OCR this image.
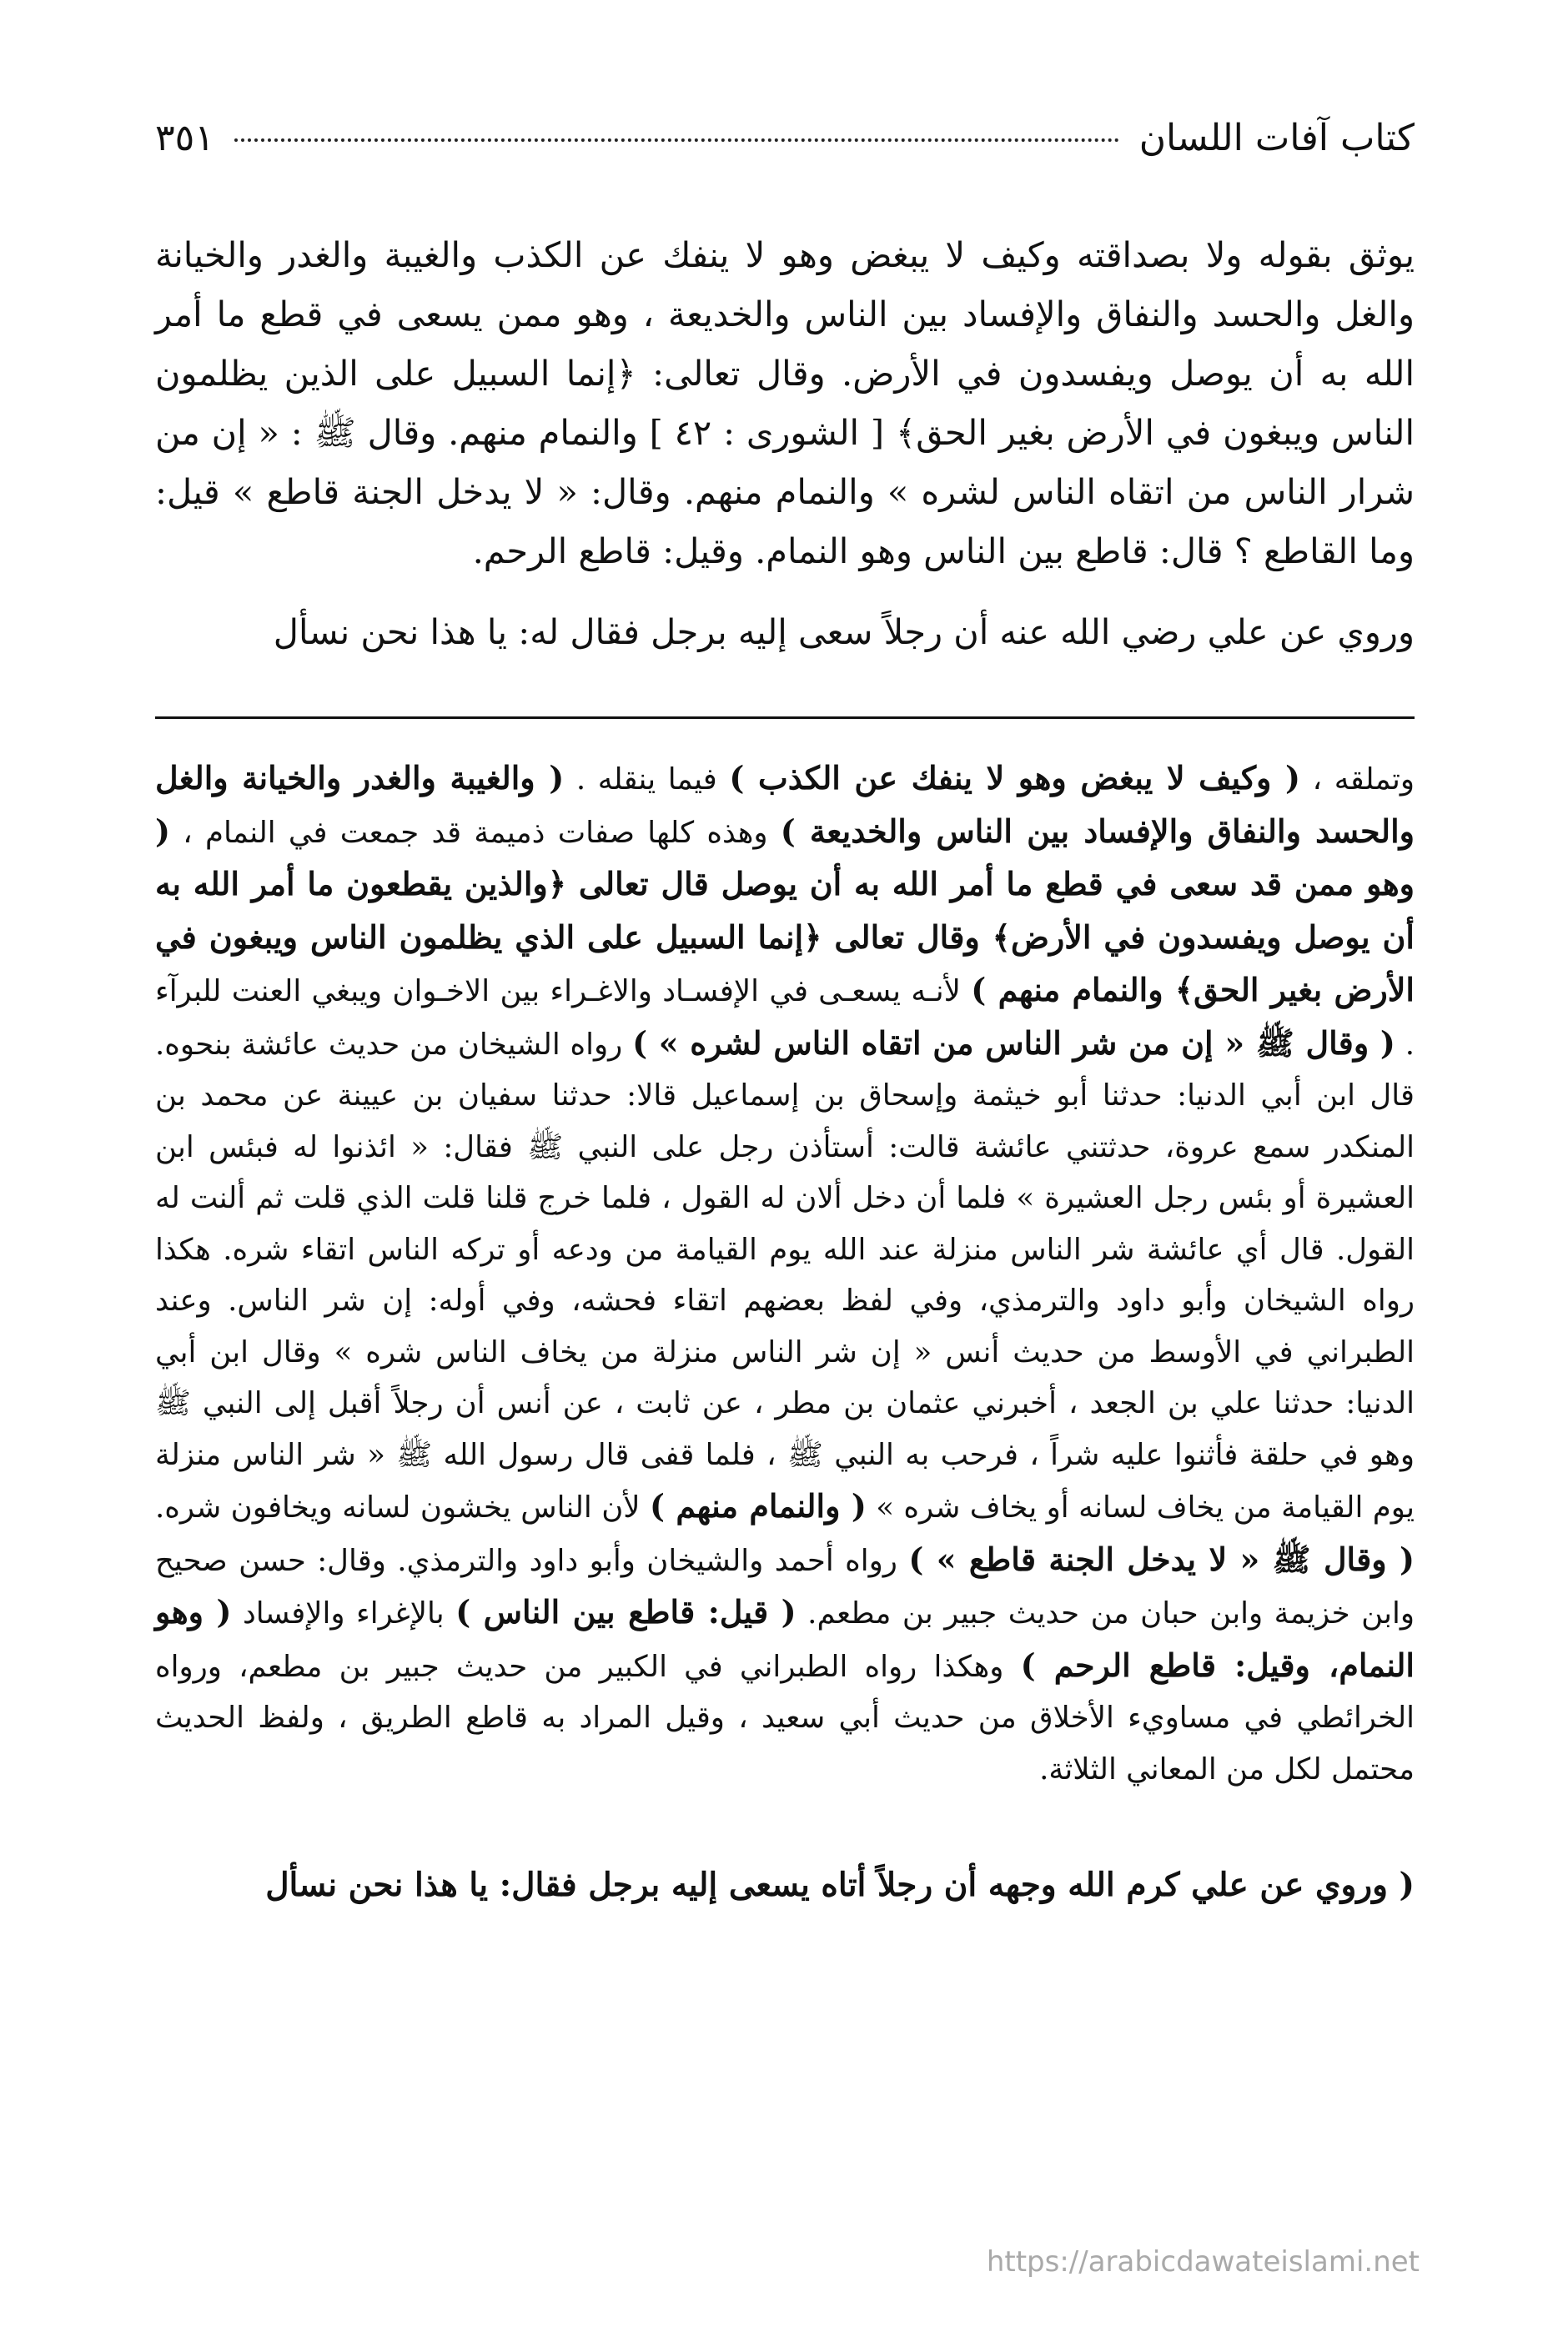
كتاب آفات اللسان
٣٥١

يوثق بقوله ولا بصداقته وكيف لا يبغض وهو لا ينفك عن الكذب والغيبة والغدر والخيانة والغل والحسد والنفاق والإفساد بين الناس والخديعة ، وهو ممن يسعى في قطع ما أمر الله به أن يوصل ويفسدون في الأرض. وقال تعالى: ﴿إنما السبيل على الذين يظلمون الناس ويبغون في الأرض بغير الحق﴾ [ الشورى : ٤٢ ] والنمام منهم. وقال ﷺ : « إن من شرار الناس من اتقاه الناس لشره » والنمام منهم. وقال: « لا يدخل الجنة قاطع » قيل: وما القاطع ؟ قال: قاطع بين الناس وهو النمام. وقيل: قاطع الرحم.

وروي عن علي رضي الله عنه أن رجلاً سعى إليه برجل فقال له: يا هذا نحن نسأل

وتملقه ، ( وكيف لا يبغض وهو لا ينفك عن الكذب ) فيما ينقله . ( والغيبة والغدر والخيانة والغل والحسد والنفاق والإفساد بين الناس والخديعة ) وهذه كلها صفات ذميمة قد جمعت في النمام ، ( وهو ممن قد سعى في قطع ما أمر الله به أن يوصل قال تعالى ﴿والذين يقطعون ما أمر الله به أن يوصل ويفسدون في الأرض﴾ وقال تعالى ﴿إنما السبيل على الذي يظلمون الناس ويبغون في الأرض بغير الحق﴾ والنمام منهم ) لأنـه يسعـى في الإفسـاد والاغـراء بين الاخـوان ويبغي العنت للبرآء . ( وقال ﷺ « إن من شر الناس من اتقاه الناس لشره » ) رواه الشيخان من حديث عائشة بنحوه. قال ابن أبي الدنيا: حدثنا أبو خيثمة وإسحاق بن إسماعيل قالا: حدثنا سفيان بن عيينة عن محمد بن المنكدر سمع عروة، حدثتني عائشة قالت: أستأذن رجل على النبي ﷺ فقال: « ائذنوا له فبئس ابن العشيرة أو بئس رجل العشيرة » فلما أن دخل ألان له القول ، فلما خرج قلنا قلت الذي قلت ثم ألنت له القول. قال أي عائشة شر الناس منزلة عند الله يوم القيامة من ودعه أو تركه الناس اتقاء شره. هكذا رواه الشيخان وأبو داود والترمذي، وفي لفظ بعضهم اتقاء فحشه، وفي أوله: إن شر الناس. وعند الطبراني في الأوسط من حديث أنس « إن شر الناس منزلة من يخاف الناس شره » وقال ابن أبي الدنيا: حدثنا علي بن الجعد ، أخبرني عثمان بن مطر ، عن ثابت ، عن أنس أن رجلاً أقبل إلى النبي ﷺ وهو في حلقة فأثنوا عليه شراً ، فرحب به النبي ﷺ ، فلما قفى قال رسول الله ﷺ « شر الناس منزلة يوم القيامة من يخاف لسانه أو يخاف شره » ( والنمام منهم ) لأن الناس يخشون لسانه ويخافون شره. ( وقال ﷺ « لا يدخل الجنة قاطع » ) رواه أحمد والشيخان وأبو داود والترمذي. وقال: حسن صحيح وابن خزيمة وابن حبان من حديث جبير بن مطعم. ( قيل: قاطع بين الناس ) بالإغراء والإفساد ( وهو النمام، وقيل: قاطع الرحم ) وهكذا رواه الطبراني في الكبير من حديث جبير بن مطعم، ورواه الخرائطي في مساويء الأخلاق من حديث أبي سعيد ، وقيل المراد به قاطع الطريق ، ولفظ الحديث محتمل لكل من المعاني الثلاثة.

( وروي عن علي كرم الله وجهه أن رجلاً أتاه يسعى إليه برجل فقال: يا هذا نحن نسأل
https://arabicdawateislami.net
